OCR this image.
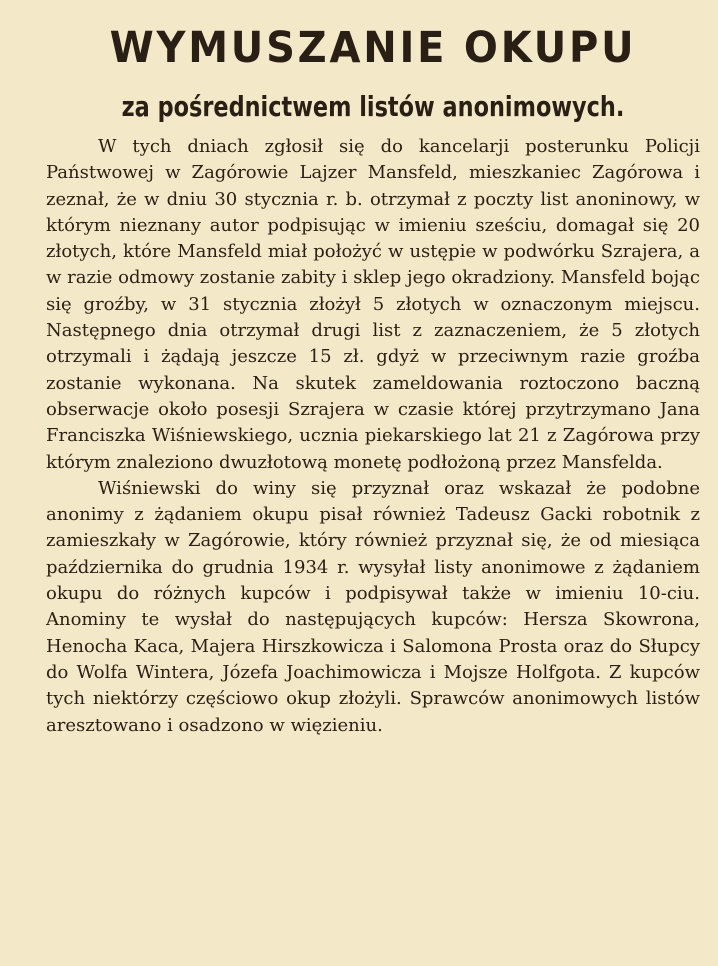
WYMUSZANIE OKUPU
za pośrednictwem listów anonimowych.

W tych dniach zgłosił się do kancelarji posterunku Policji Państwowej w Zagórowie Lajzer Mansfeld, mieszkaniec Zagórowa i zeznał, że w dniu 30 stycznia r. b. otrzymał z poczty list anoninowy, w którym nieznany autor podpisując w imieniu sześciu, domagał się 20 złotych, które Mansfeld miał położyć w ustępie w podwórku Szrajera, a w razie odmowy zostanie zabity i sklep jego okradziony. Mansfeld bojąc się groźby, w 31 stycznia złożył 5 złotych w oznaczonym miejscu. Następnego dnia otrzymał drugi list z zaznaczeniem, że 5 złotych otrzymali i żądają jeszcze 15 zł. gdyż w przeciwnym razie groźba zostanie wykonana. Na skutek zameldowania roztoczono baczną obserwacje około posesji Szrajera w czasie której przytrzymano Jana Franciszka Wiśniewskiego, ucznia piekarskiego lat 21 z Zagórowa przy którym znaleziono dwuzłotową monetę podłożoną przez Mansfelda.

Wiśniewski do winy się przyznał oraz wskazał że podobne anonimy z żądaniem okupu pisał również Tadeusz Gacki robotnik z zamieszkały w Zagórowie, który również przyznał się, że od miesiąca października do grudnia 1934 r. wysyłał listy anonimowe z żądaniem okupu do różnych kupców i podpisywał także w imieniu 10-ciu. Anominy te wysłał do następujących kupców: Hersza Skowrona, Henocha Kaca, Majera Hirszkowicza i Salomona Prosta oraz do Słupcy do Wolfa Wintera, Józefa Joachimowicza i Mojsze Holfgota. Z kupców tych niektórzy częściowo okup złożyli. Sprawców anonimowych listów aresztowano i osadzono w więzieniu.
